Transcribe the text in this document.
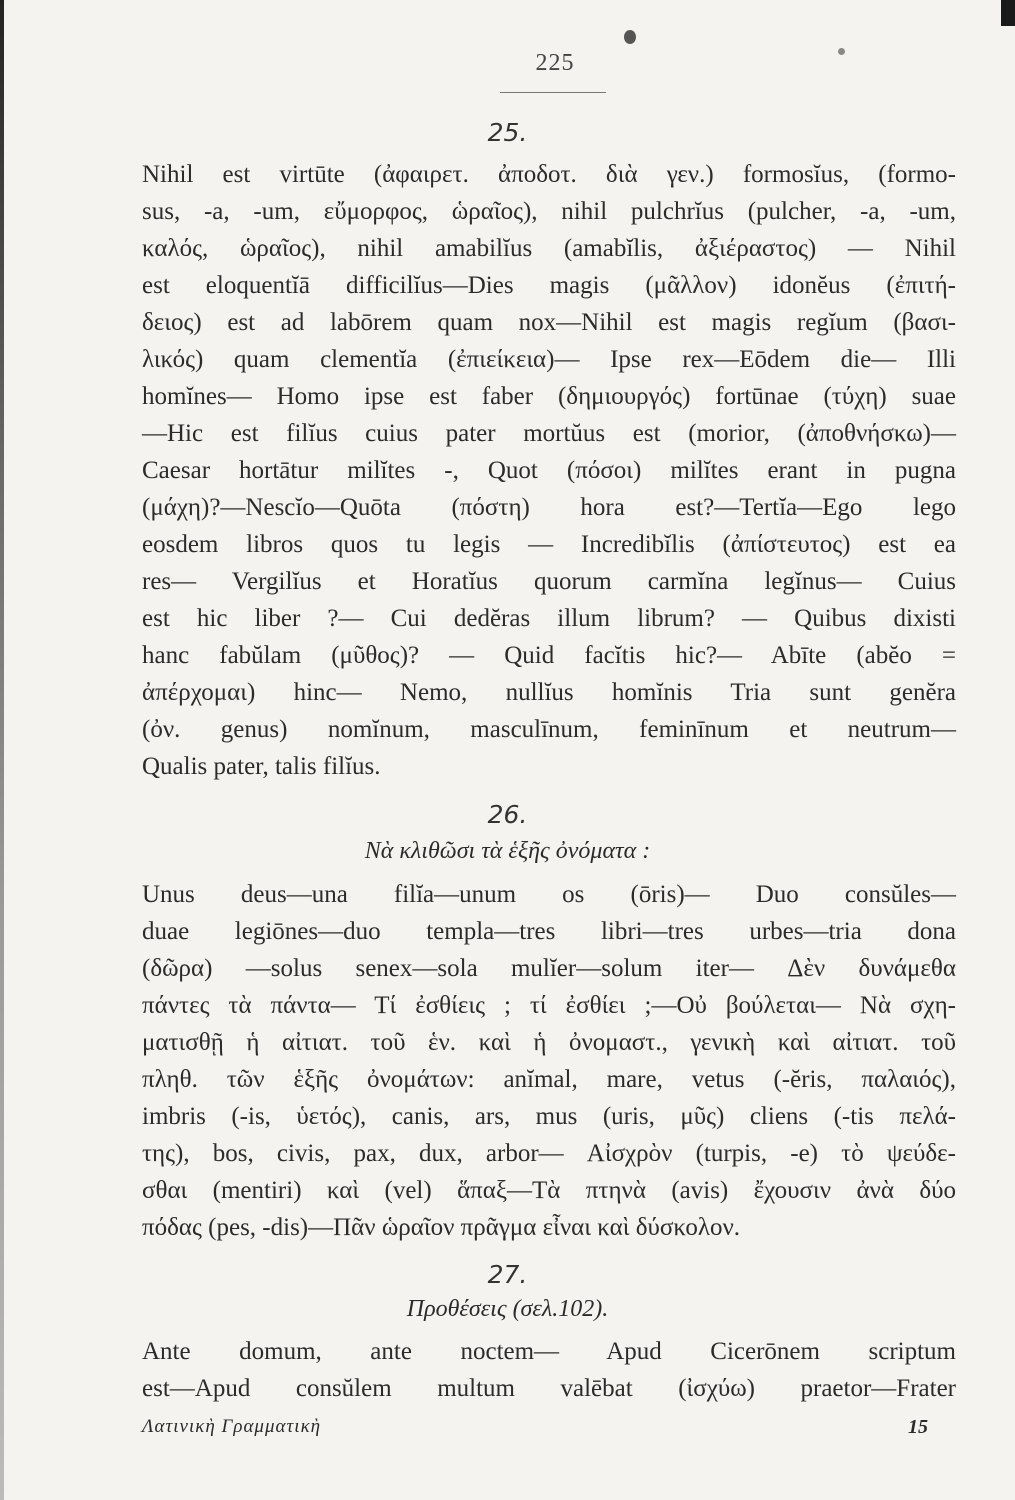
225
25.
Nihil est virtūte (ἀφαιρετ. ἀποδοτ. διὰ γεν.) formosĭus, (formo-
sus, -a, -um, εὔμορφος, ὡραῖος), nihil pulchrĭus (pulcher, -a, -um,
καλός, ὡραῖος), nihil amabilĭus (amabĭlis, ἀξιέραστος) — Nihil
est eloquentĭā difficilĭus—Dies magis (μᾶλλον) idonĕus (ἐπιτή-
δειος) est ad labōrem quam nox—Nihil est magis regĭum (βασι-
λικός) quam clementĭa (ἐπιείκεια)— Ipse rex—Eōdem die— Illi
homĭnes— Homo ipse est faber (δημιουργός) fortūnae (τύχη) suae
—Hic est filĭus cuius pater mortŭus est (morior, (ἀποθνήσκω)—
Caesar hortātur milĭtes -, Quot (πόσοι) milĭtes erant in pugna
(μάχη)?—Nescĭo—Quōta (πόστη) hora est?—Tertĭa—Ego lego
eosdem libros quos tu legis — Incredibĭlis (ἀπίστευτος) est ea
res— Vergilĭus et Horatĭus quorum carmĭna legĭnus— Cuius
est hic liber ?— Cui dedĕras illum librum? — Quibus dixisti
hanc fabŭlam (μῦθος)? — Quid facĭtis hic?— Abīte (abĕo =
ἀπέρχομαι) hinc— Nemo, nullĭus homĭnis Tria sunt genĕra
(ὀν. genus) nomĭnum, masculīnum, feminīnum et neutrum—
Qualis pater, talis filĭus.
26.
Νὰ κλιθῶσι τὰ ἑξῆς ὀνόματα :
Unus deus—una filĭa—unum os (ōris)— Duo consŭles—
duae legiōnes—duo templa—tres libri—tres urbes—tria dona
(δῶρα) —solus senex—sola mulĭer—solum iter— Δὲν δυνάμεθα
πάντες τὰ πάντα— Τί ἐσθίεις ; τί ἐσθίει ;—Οὐ βούλεται— Νὰ σχη-
ματισθῇ ἡ αἰτιατ. τοῦ ἑν. καὶ ἡ ὀνομαστ., γενικὴ καὶ αἰτιατ. τοῦ
πληθ. τῶν ἑξῆς ὀνομάτων: anĭmal, mare, vetus (-ĕris, παλαιός),
imbris (-is, ὑετός), canis, ars, mus (uris, μῦς) cliens (-tis πελά-
της), bos, civis, pax, dux, arbor— Αἰσχρὸν (turpis, -e) τὸ ψεύδε-
σθαι (mentiri) καὶ (vel) ἅπαξ—Τὰ πτηνὰ (avis) ἔχουσιν ἀνὰ δύο
πόδας (pes, -dis)—Πᾶν ὡραῖον πρᾶγμα εἶναι καὶ δύσκολον.
27.
Προθέσεις (σελ.102).
Ante domum, ante noctem— Apud Cicerōnem scriptum
est—Apud consŭlem multum valēbat (ἰσχύω) praetor—Frater
Λατινικὴ Γραμματικὴ	15
